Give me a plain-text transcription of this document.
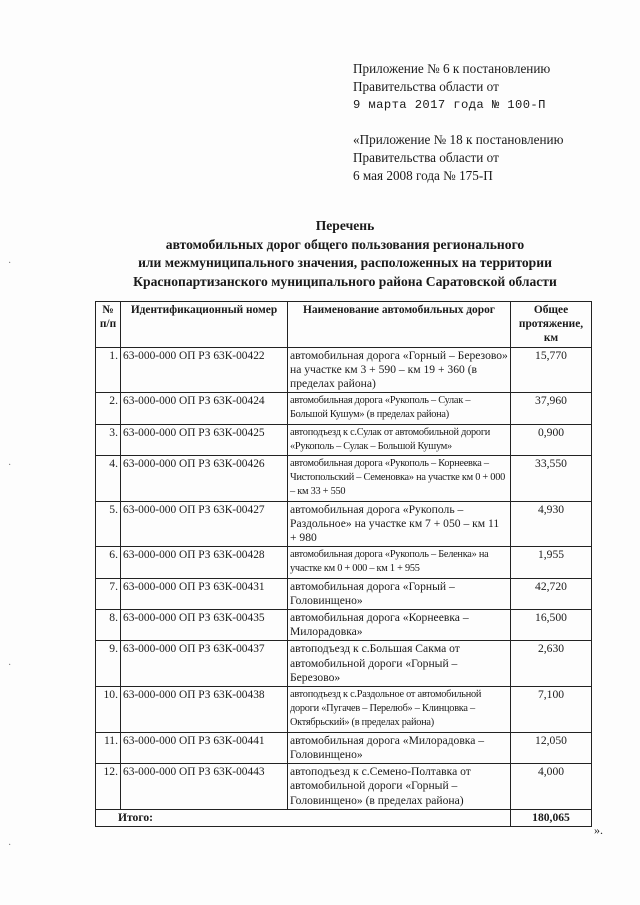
Приложение № 6 к постановлению
Правительства области от
9 марта 2017 года № 100-П
«Приложение № 18 к постановлению
Правительства области от
6 мая 2008 года № 175-П
Перечень
автомобильных дорог общего пользования регионального
или межмуниципального значения, расположенных на территории
Краснопартизанского муниципального района Саратовской области
№ п/п	Идентификационный номер	Наименование автомобильных дорог	Общее протяжение, км
1.	63-000-000 ОП РЗ 63К-00422	автомобильная дорога «Горный – Березово» на участке км 3 + 590 – км 19 + 360 (в пределах района)	15,770
2.	63-000-000 ОП РЗ 63К-00424	автомобильная дорога «Рукополь – Сулак – Большой Кушум» (в пределах района)	37,960
3.	63-000-000 ОП РЗ 63К-00425	автоподъезд к с.Сулак от автомобильной дороги «Рукополь – Сулак – Большой Кушум»	0,900
4.	63-000-000 ОП РЗ 63К-00426	автомобильная дорога «Рукополь – Корнеевка – Чистопольский – Семеновка» на участке км 0 + 000 – км 33 + 550	33,550
5.	63-000-000 ОП РЗ 63К-00427	автомобильная дорога «Рукополь – Раздольное» на участке км 7 + 050 – км 11 + 980	4,930
6.	63-000-000 ОП РЗ 63К-00428	автомобильная дорога «Рукополь – Беленка» на участке км 0 + 000 – км 1 + 955	1,955
7.	63-000-000 ОП РЗ 63К-00431	автомобильная дорога «Горный – Головинщено»	42,720
8.	63-000-000 ОП РЗ 63К-00435	автомобильная дорога «Корнеевка – Милорадовка»	16,500
9.	63-000-000 ОП РЗ 63К-00437	автоподъезд к с.Большая Сакма от автомобильной дороги «Горный – Березово»	2,630
10.	63-000-000 ОП РЗ 63К-00438	автоподъезд к с.Раздольное от автомобильной дороги «Пугачев – Перелюб» – Клинцовка – Октябрьский» (в пределах района)	7,100
11.	63-000-000 ОП РЗ 63К-00441	автомобильная дорога «Милорадовка – Головинщено»	12,050
12.	63-000-000 ОП РЗ 63К-00443	автоподъезд к с.Семено-Полтавка от автомобильной дороги «Горный – Головинщено» (в пределах района)	4,000
Итого:			180,065
».
·
·
·
·
